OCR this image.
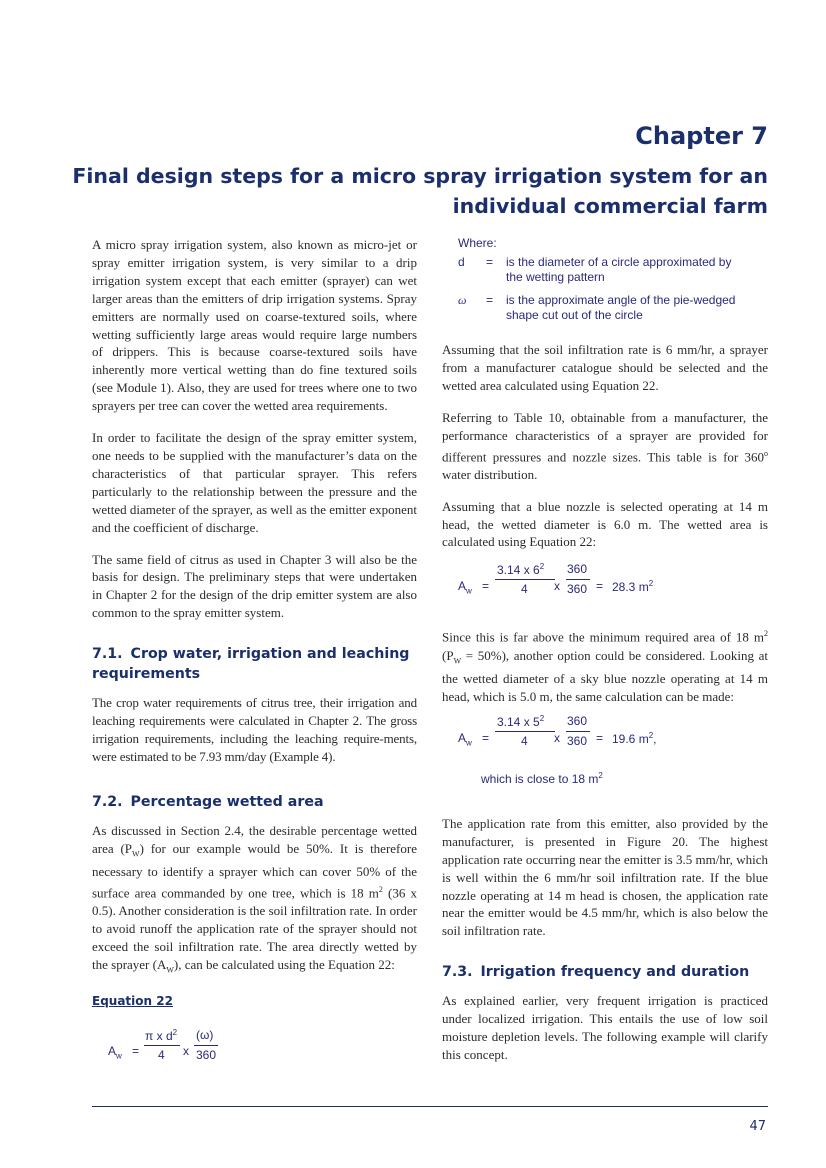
Chapter 7
Final design steps for a micro spray irrigation system for an individual commercial farm

A micro spray irrigation system, also known as micro-jet or spray emitter irrigation system, is very similar to a drip irrigation system except that each emitter (sprayer) can wet larger areas than the emitters of drip irrigation systems. Spray emitters are normally used on coarse-textured soils, where wetting sufficiently large areas would require large numbers of drippers. This is because coarse-textured soils have inherently more vertical wetting than do fine textured soils (see Module 1). Also, they are used for trees where one to two sprayers per tree can cover the wetted area requirements.

In order to facilitate the design of the spray emitter system, one needs to be supplied with the manufacturer’s data on the characteristics of that particular sprayer. This refers particularly to the relationship between the pressure and the wetted diameter of the sprayer, as well as the emitter exponent and the coefficient of discharge.

The same field of citrus as used in Chapter 3 will also be the basis for design. The preliminary steps that were undertaken in Chapter 2 for the design of the drip emitter system are also common to the spray emitter system.

7.1. Crop water, irrigation and leaching requirements

The crop water requirements of citrus tree, their irrigation and leaching requirements were calculated in Chapter 2. The gross irrigation requirements, including the leaching require-ments, were estimated to be 7.93 mm/day (Example 4).

7.2. Percentage wetted area

As discussed in Section 2.4, the desirable percentage wetted area $(P_W)$ for our example would be 50%. It is therefore necessary to identify a sprayer which can cover 50% of the surface area commanded by one tree, which is 18 $m^2$ (36 x 0.5). Another consideration is the soil infiltration rate. In order to avoid runoff the application rate of the sprayer should not exceed the soil infiltration rate. The area directly wetted by the sprayer $(A_W)$, can be calculated using the Equation 22:

Equation 22
$A_w$ =
π x $d^2$
4 x
(ω)
360
Where:
d = is the diameter of a circle approximated by
the wetting pattern
ω = is the approximate angle of the pie-wedged
shape cut out of the circle

Assuming that the soil infiltration rate is 6 mm/hr, a sprayer from a manufacturer catalogue should be selected and the wetted area calculated using Equation 22.

Referring to Table 10, obtainable from a manufacturer, the performance characteristics of a sprayer are provided for different pressures and nozzle sizes. This table is for 360$^o$ water distribution.

Assuming that a blue nozzle is selected operating at 14 m head, the wetted diameter is 6.0 m. The wetted area is calculated using Equation 22:

$A_w$ =
3.14 x $6^2$
4 x
360
360 = 28.3 $m^2$

Since this is far above the minimum required area of 18 $m^2$ $(P_W = 50\%)$, another option could be considered. Looking at the wetted diameter of a sky blue nozzle operating at 14 m head, which is 5.0 m, the same calculation can be made:

$A_w$ =
3.14 x $5^2$
4 x
360
360 = 19.6 $m^2$,
which is close to 18 $m^2$

The application rate from this emitter, also provided by the manufacturer, is presented in Figure 20. The highest application rate occurring near the emitter is 3.5 mm/hr, which is well within the 6 mm/hr soil infiltration rate. If the blue nozzle operating at 14 m head is chosen, the application rate near the emitter would be 4.5 mm/hr, which is also below the soil infiltration rate.

7.3. Irrigation frequency and duration

As explained earlier, very frequent irrigation is practiced under localized irrigation. This entails the use of low soil moisture depletion levels. The following example will clarify this concept.

47
